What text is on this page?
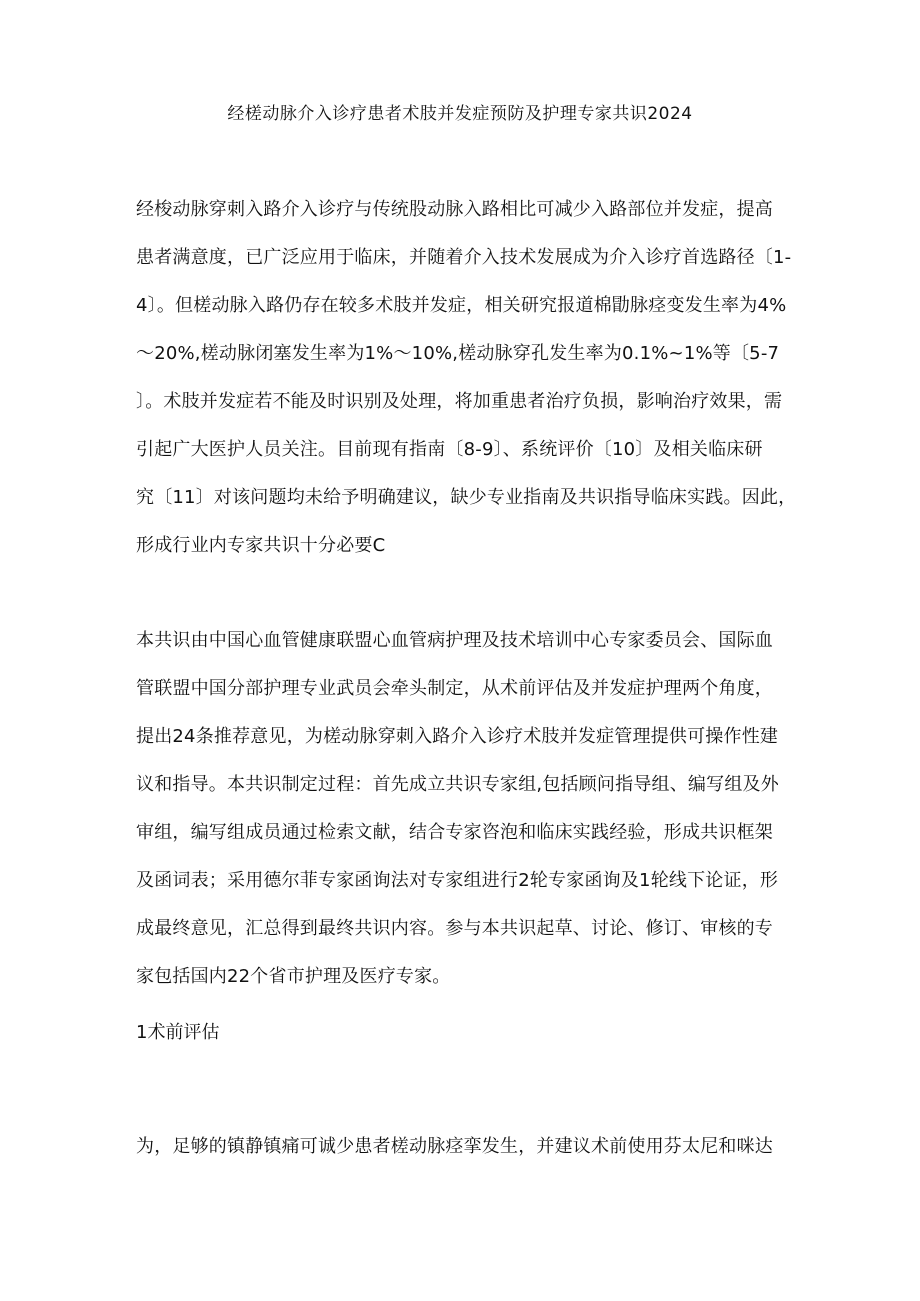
经槎动脉介入诊疗患者术肢并发症预防及护理专家共识2024
经梭动脉穿刺入路介入诊疗与传统股动脉入路相比可减少入路部位并发症，提高
患者满意度，已广泛应用于临床，并随着介入技术发展成为介入诊疗首选路径〔1-
4〕。但槎动脉入路仍存在较多术肢并发症，相关研究报道棉勖脉痉变发生率为4%
～20%,槎动脉闭塞发生率为1%～10%,槎动脉穿孔发生率为0.1%~1%等〔5-7
〕。术肢并发症若不能及时识别及处理，将加重患者治疗负损，影响治疗效果，需
引起广大医护人员关注。目前现有指南〔8-9〕、系统评价〔10〕及相关临床研
究〔11〕对该问题均未给予明确建议，缺少专业指南及共识指导临床实践。因此，
形成行业内专家共识十分必要C
本共识由中国心血管健康联盟心血管病护理及技术培训中心专家委员会、国际血
管联盟中国分部护理专业武员会牵头制定，从术前评估及并发症护理两个角度，
提出24条推荐意见，为槎动脉穿刺入路介入诊疗术肢并发症管理提供可操作性建
议和指导。本共识制定过程：首先成立共识专家组,包括顾问指导组、编写组及外
审组，编写组成员通过检索文献，结合专家咨泡和临床实践经验，形成共识框架
及函词表；采用德尔菲专家函询法对专家组进行2轮专家函询及1轮线下论证，形
成最终意见，汇总得到最终共识内容。参与本共识起草、讨论、修订、审核的专
家包括国内22个省市护理及医疗专家。
1术前评估
为，足够的镇静镇痛可诚少患者槎动脉痉挛发生，并建议术前使用芬太尼和咪达
